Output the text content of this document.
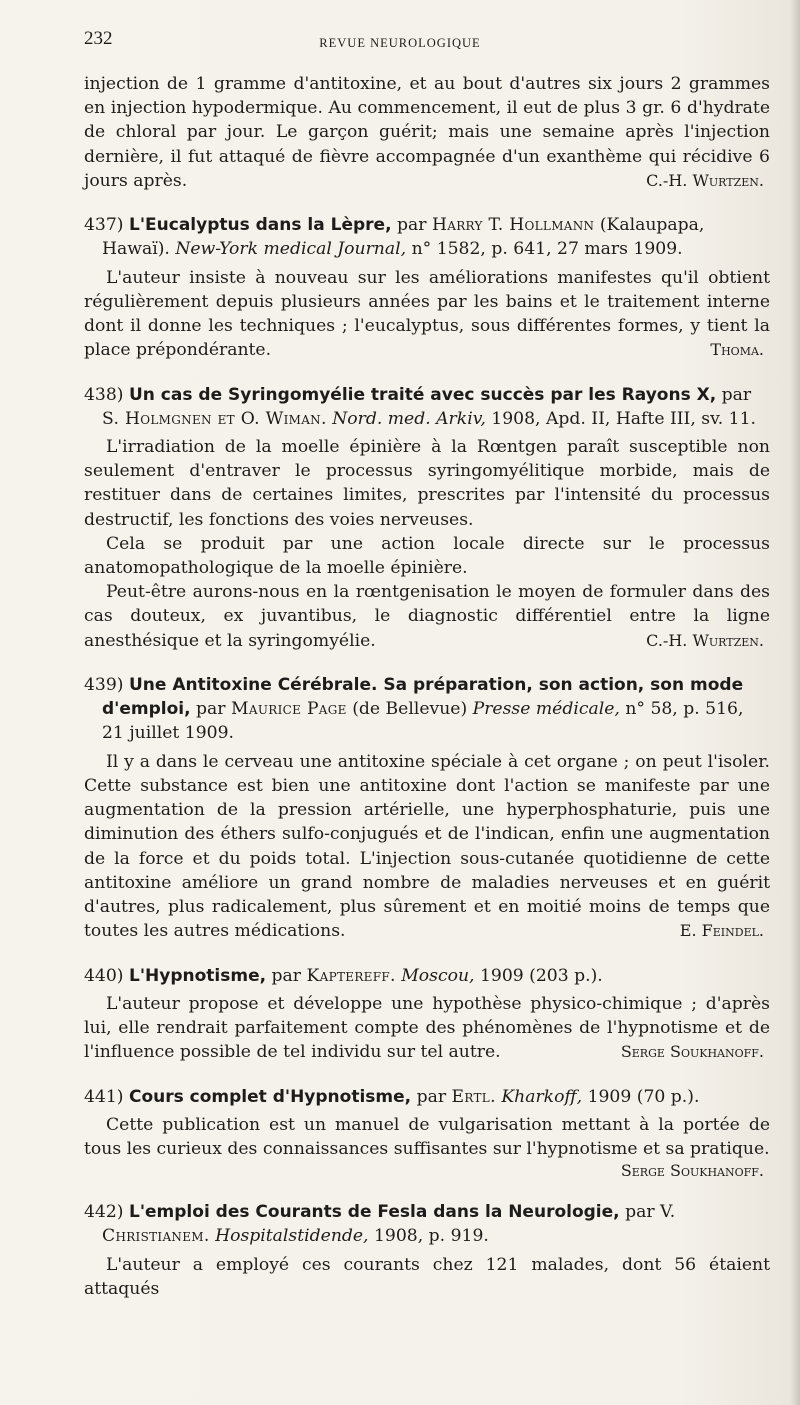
232	REVUE NEUROLOGIQUE

injection de 1 gramme d'antitoxine, et au bout d'autres six jours 2 grammes en injection hypodermique. Au commencement, il eut de plus 3 gr. 6 d'hydrate de chloral par jour. Le garçon guérit; mais une semaine après l'injection dernière, il fut attaqué de fièvre accompagnée d'un exanthème qui récidive 6 jours après.	C.-H. Wurtzen.
437) L'Eucalyptus dans la Lèpre, par Harry T. Hollmann (Kalaupapa, Hawaï). New-York medical Journal, n° 1582, p. 641, 27 mars 1909.

L'auteur insiste à nouveau sur les améliorations manifestes qu'il obtient régulièrement depuis plusieurs années par les bains et le traitement interne dont il donne les techniques ; l'eucalyptus, sous différentes formes, y tient la place prépondérante.	Thoma.
438) Un cas de Syringomyélie traité avec succès par les Rayons X, par S. Holmgnen et O. Wiman. Nord. med. Arkiv, 1908, Apd. II, Hafte III, sv. 11.

L'irradiation de la moelle épinière à la Rœntgen paraît susceptible non seulement d'entraver le processus syringomyélitique morbide, mais de restituer dans de certaines limites, prescrites par l'intensité du processus destructif, les fonctions des voies nerveuses.

Cela se produit par une action locale directe sur le processus anatomopathologique de la moelle épinière.

Peut-être aurons-nous en la rœntgenisation le moyen de formuler dans des cas douteux, ex juvantibus, le diagnostic différentiel entre la ligne anesthésique et la syringomyélie.	C.-H. Wurtzen.
439) Une Antitoxine Cérébrale. Sa préparation, son action, son mode d'emploi, par Maurice Page (de Bellevue) Presse médicale, n° 58, p. 516, 21 juillet 1909.

Il y a dans le cerveau une antitoxine spéciale à cet organe ; on peut l'isoler. Cette substance est bien une antitoxine dont l'action se manifeste par une augmentation de la pression artérielle, une hyperphosphaturie, puis une diminution des éthers sulfo-conjugués et de l'indican, enfin une augmentation de la force et du poids total. L'injection sous-cutanée quotidienne de cette antitoxine améliore un grand nombre de maladies nerveuses et en guérit d'autres, plus radicalement, plus sûrement et en moitié moins de temps que toutes les autres médications.	E. Feindel.
440) L'Hypnotisme, par Kaptereff. Moscou, 1909 (203 p.).

L'auteur propose et développe une hypothèse physico-chimique ; d'après lui, elle rendrait parfaitement compte des phénomènes de l'hypnotisme et de l'influence possible de tel individu sur tel autre.	Serge Soukhanoff.
441) Cours complet d'Hypnotisme, par Ertl. Kharkoff, 1909 (70 p.).

Cette publication est un manuel de vulgarisation mettant à la portée de tous les curieux des connaissances suffisantes sur l'hypnotisme et sa pratique.

Serge Soukhanoff.
442) L'emploi des Courants de Fesla dans la Neurologie, par V. Christianem. Hospitalstidende, 1908, p. 919.

L'auteur a employé ces courants chez 121 malades, dont 56 étaient attaqués
